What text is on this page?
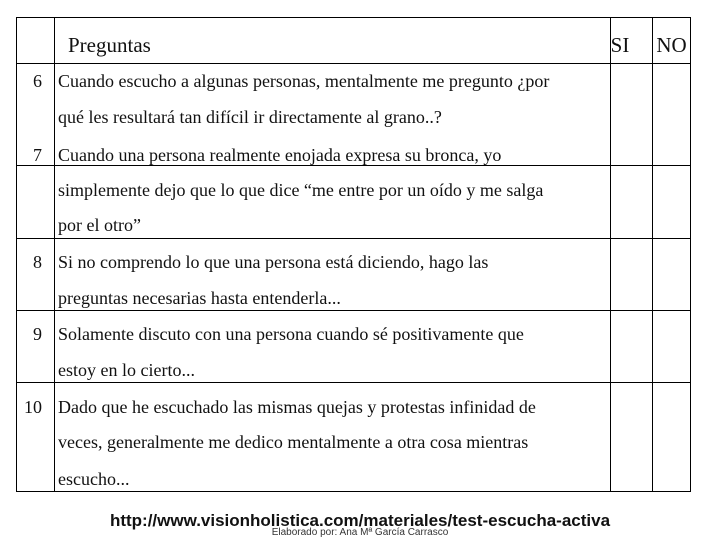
Preguntas	SI NO
6 Cuando escucho a algunas personas, mentalmente me pregunto ¿por
qué les resultará tan difícil ir directamente al grano..?
7 Cuando una persona realmente enojada expresa su bronca, yo
simplemente dejo que lo que dice “me entre por un oído y me salga
por el otro”
8 Si no comprendo lo que una persona está diciendo, hago las
preguntas necesarias hasta entenderla...
9 Solamente discuto con una persona cuando sé positivamente que
estoy en lo cierto...
10 Dado que he escuchado las mismas quejas y protestas infinidad de
veces, generalmente me dedico mentalmente a otra cosa mientras
escucho...
http://www.visionholistica.com/materiales/test-escucha-activa
Elaborado por: Ana Mª García Carrasco
